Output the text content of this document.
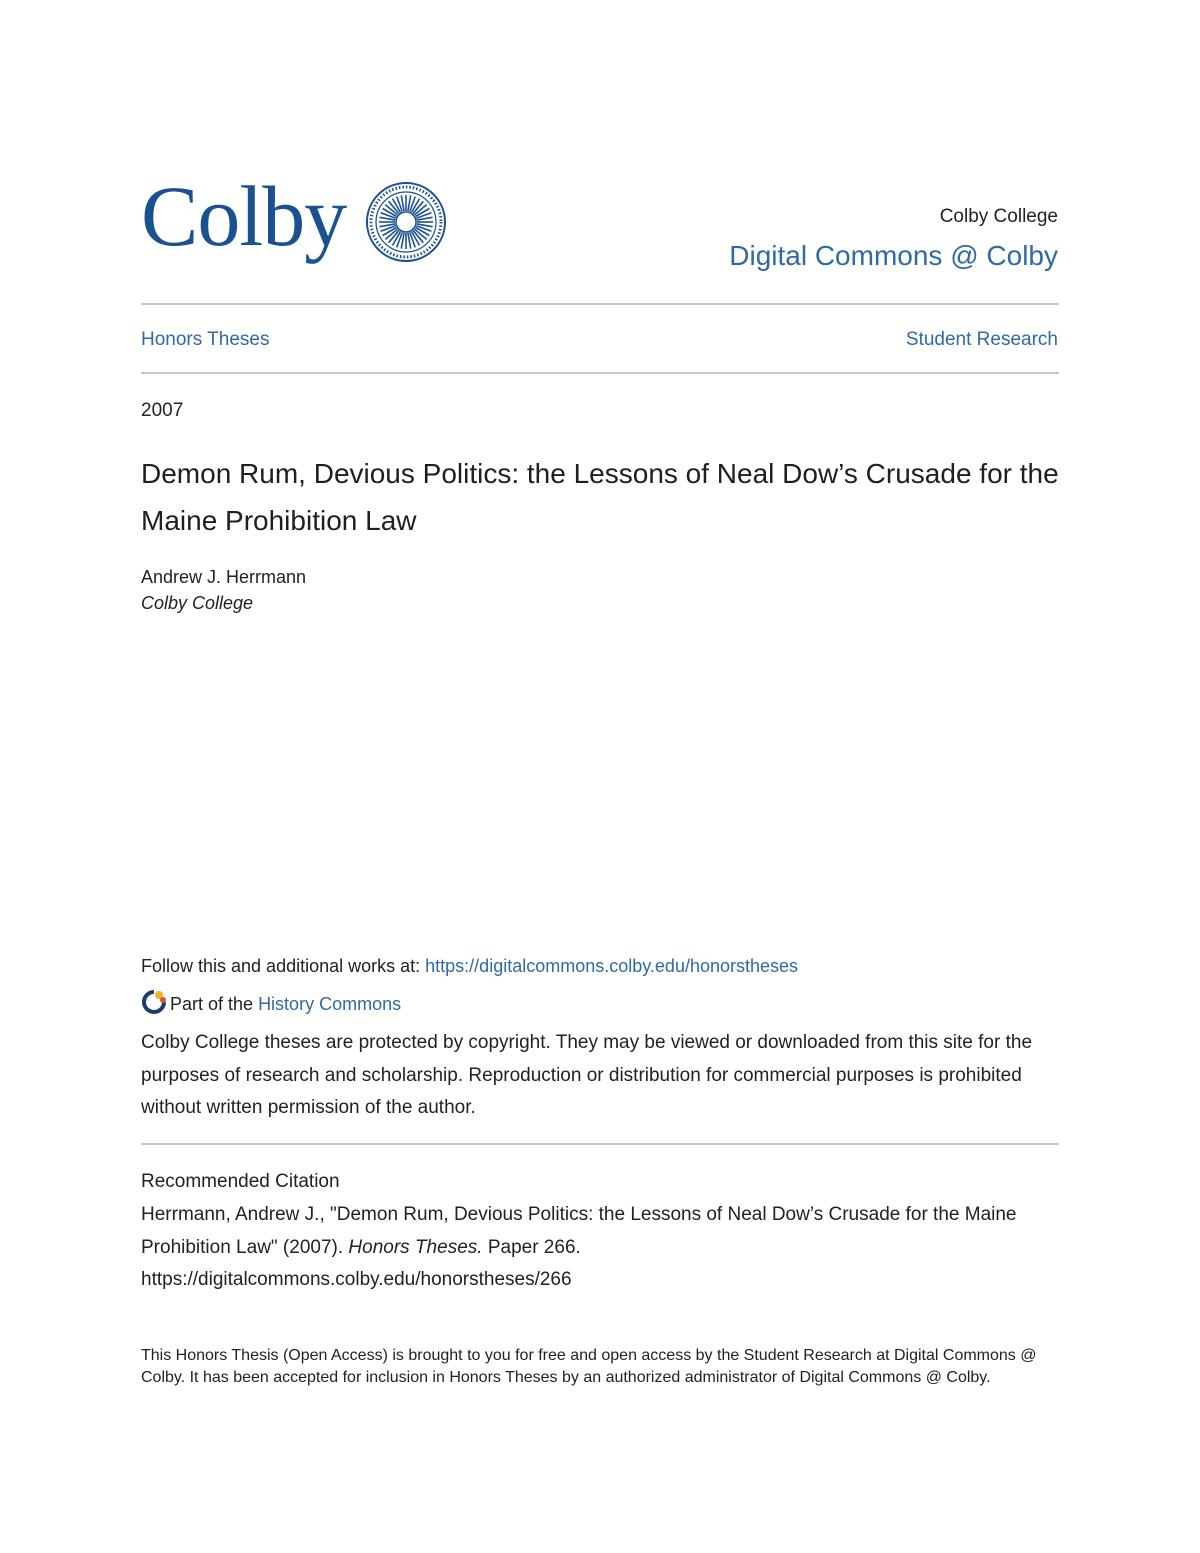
Colby	Colby College
Digital Commons @ Colby
Honors Theses	Student Research
2007
Demon Rum, Devious Politics: the Lessons of Neal Dow’s Crusade for the Maine Prohibition Law
Andrew J. Herrmann
Colby College
Follow this and additional works at: https://digitalcommons.colby.edu/honorstheses
Part of the History Commons
Colby College theses are protected by copyright. They may be viewed or downloaded from this site for the purposes of research and scholarship. Reproduction or distribution for commercial purposes is prohibited without written permission of the author.
Recommended Citation
Herrmann, Andrew J., "Demon Rum, Devious Politics: the Lessons of Neal Dow’s Crusade for the Maine Prohibition Law" (2007). Honors Theses. Paper 266.
https://digitalcommons.colby.edu/honorstheses/266
This Honors Thesis (Open Access) is brought to you for free and open access by the Student Research at Digital Commons @ Colby. It has been accepted for inclusion in Honors Theses by an authorized administrator of Digital Commons @ Colby.
